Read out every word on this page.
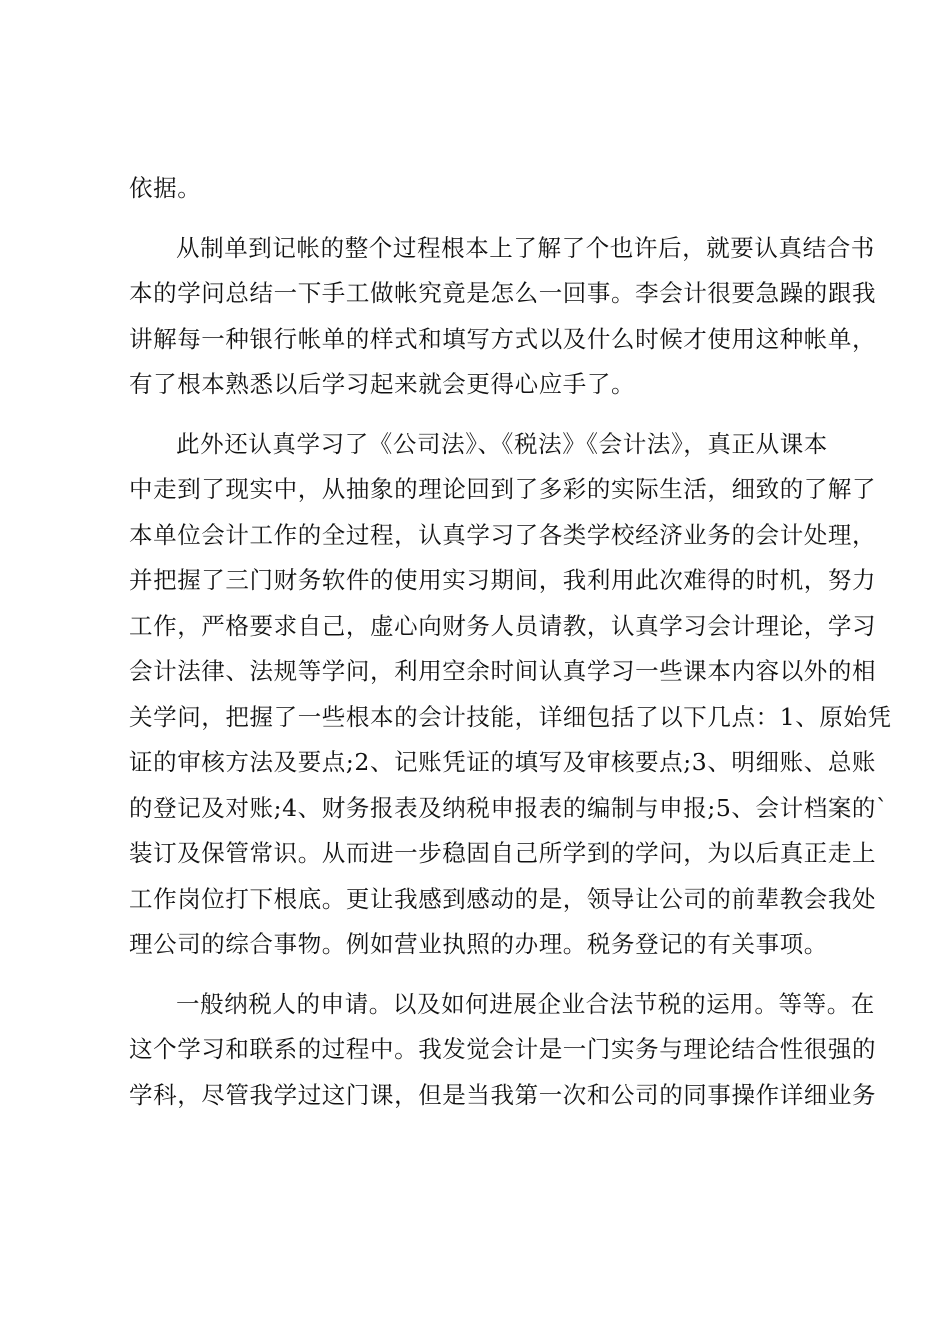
依据。
从制单到记帐的整个过程根本上了解了个也许后，就要认真结合书
本的学问总结一下手工做帐究竟是怎么一回事。李会计很要急躁的跟我
讲解每一种银行帐单的样式和填写方式以及什么时候才使用这种帐单，
有了根本熟悉以后学习起来就会更得心应手了。
此外还认真学习了《公司法》、《税法》《会计法》，真正从课本
中走到了现实中，从抽象的理论回到了多彩的实际生活，细致的了解了
本单位会计工作的全过程，认真学习了各类学校经济业务的会计处理，
并把握了三门财务软件的使用实习期间，我利用此次难得的时机，努力
工作，严格要求自己，虚心向财务人员请教，认真学习会计理论，学习
会计法律、法规等学问，利用空余时间认真学习一些课本内容以外的相
关学问，把握了一些根本的会计技能，详细包括了以下几点：1、原始凭
证的审核方法及要点;2、记账凭证的填写及审核要点;3、明细账、总账
的登记及对账;4、财务报表及纳税申报表的编制与申报;5、会计档案的`
装订及保管常识。从而进一步稳固自己所学到的学问，为以后真正走上
工作岗位打下根底。更让我感到感动的是，领导让公司的前辈教会我处
理公司的综合事物。例如营业执照的办理。税务登记的有关事项。
一般纳税人的申请。以及如何进展企业合法节税的运用。等等。在
这个学习和联系的过程中。我发觉会计是一门实务与理论结合性很强的
学科，尽管我学过这门课，但是当我第一次和公司的同事操作详细业务
